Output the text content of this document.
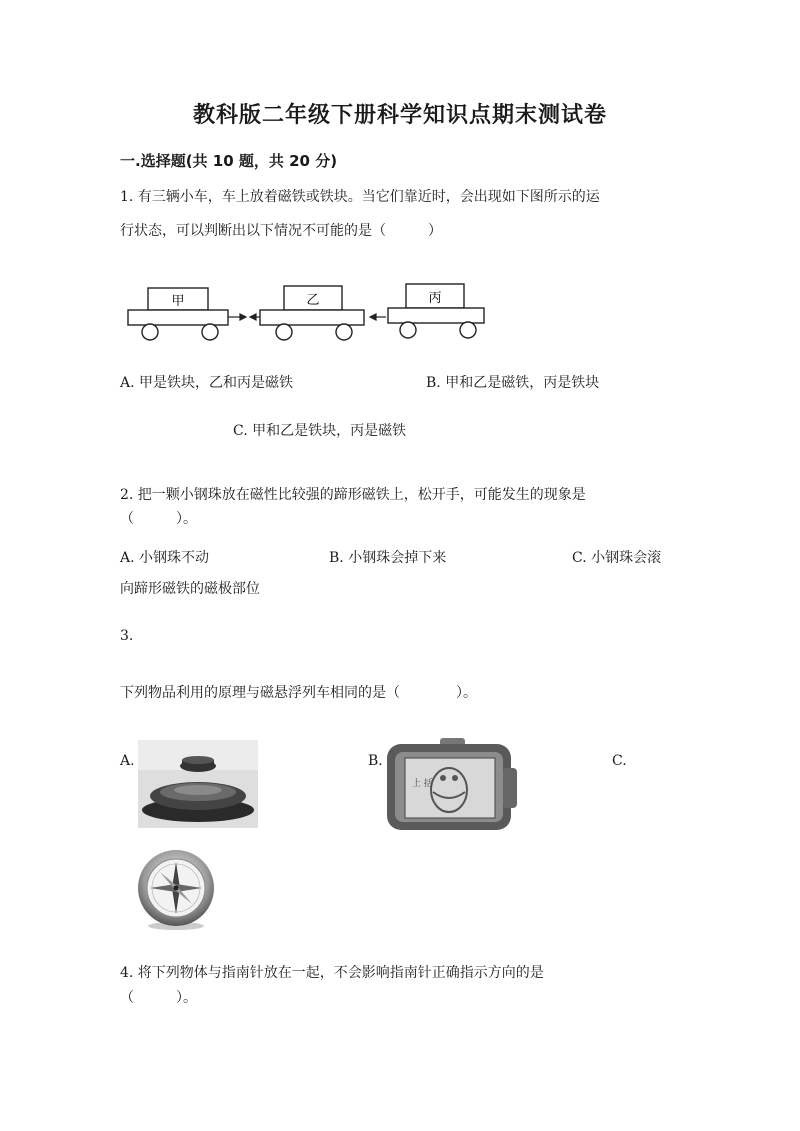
教科版二年级下册科学知识点期末测试卷
一.选择题(共 10 题，共 20 分)
1. 有三辆小车，车上放着磁铁或铁块。当它们靠近时，会出现如下图所示的运
行状态，可以判断出以下情况不可能的是（　　　）
甲	乙	丙
A. 甲是铁块，乙和丙是磁铁	B. 甲和乙是磁铁，丙是铁块
C. 甲和乙是铁块，丙是磁铁
2. 把一颗小钢珠放在磁性比较强的蹄形磁铁上，松开手，可能发生的现象是
（　　　）。
A. 小钢珠不动	B. 小钢珠会掉下来	C. 小钢珠会滚
向蹄形磁铁的磁极部位
3.
下列物品利用的原理与磁悬浮列车相同的是（　　　　）。
A.	B.
上 括
C.
4. 将下列物体与指南针放在一起，不会影响指南针正确指示方向的是
（　　　）。
